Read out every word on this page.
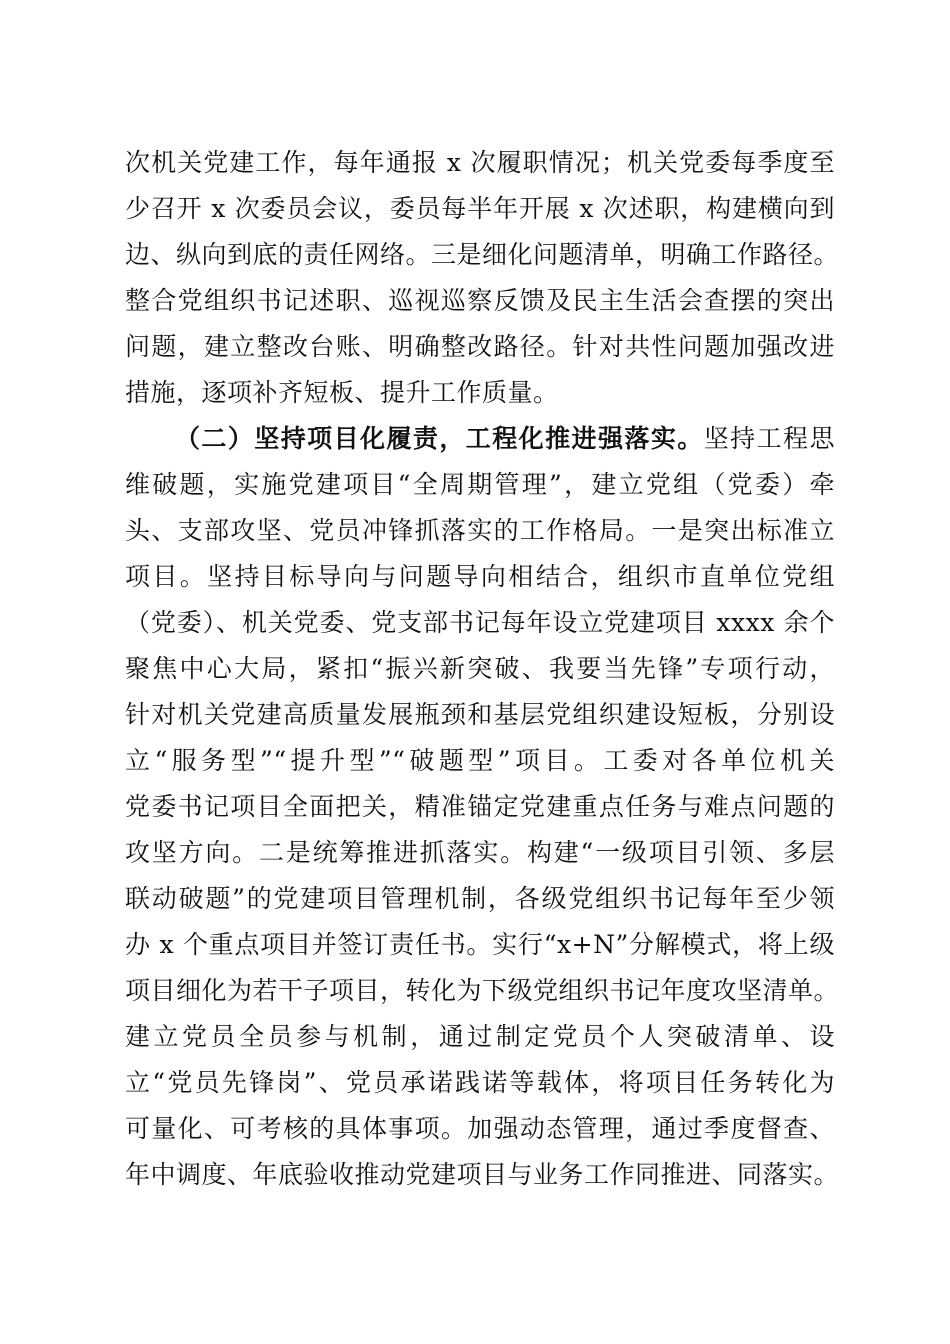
次机关党建工作，每年通报 x 次履职情况；机关党委每季度至
少召开 x 次委员会议，委员每半年开展 x 次述职，构建横向到
边、纵向到底的责任网络。三是细化问题清单，明确工作路径。
整合党组织书记述职、巡视巡察反馈及民主生活会查摆的突出
问题，建立整改台账、明确整改路径。针对共性问题加强改进
措施，逐项补齐短板、提升工作质量。
（二）坚持项目化履责，工程化推进强落实。坚持工程思
维破题，实施党建项目“全周期管理”，建立党组（党委）牵
头、支部攻坚、党员冲锋抓落实的工作格局。一是突出标准立
项目。坚持目标导向与问题导向相结合，组织市直单位党组
（党委）、机关党委、党支部书记每年设立党建项目 xxxx 余个
聚焦中心大局，紧扣“振兴新突破、我要当先锋”专项行动，
针对机关党建高质量发展瓶颈和基层党组织建设短板，分别设
立“服务型”“提升型”“破题型”项目。工委对各单位机关
党委书记项目全面把关，精准锚定党建重点任务与难点问题的
攻坚方向。二是统筹推进抓落实。构建“一级项目引领、多层
联动破题”的党建项目管理机制，各级党组织书记每年至少领
办 x 个重点项目并签订责任书。实行“x+N”分解模式，将上级
项目细化为若干子项目，转化为下级党组织书记年度攻坚清单。
建立党员全员参与机制，通过制定党员个人突破清单、设
立“党员先锋岗”、党员承诺践诺等载体，将项目任务转化为
可量化、可考核的具体事项。加强动态管理，通过季度督查、
年中调度、年底验收推动党建项目与业务工作同推进、同落实。
